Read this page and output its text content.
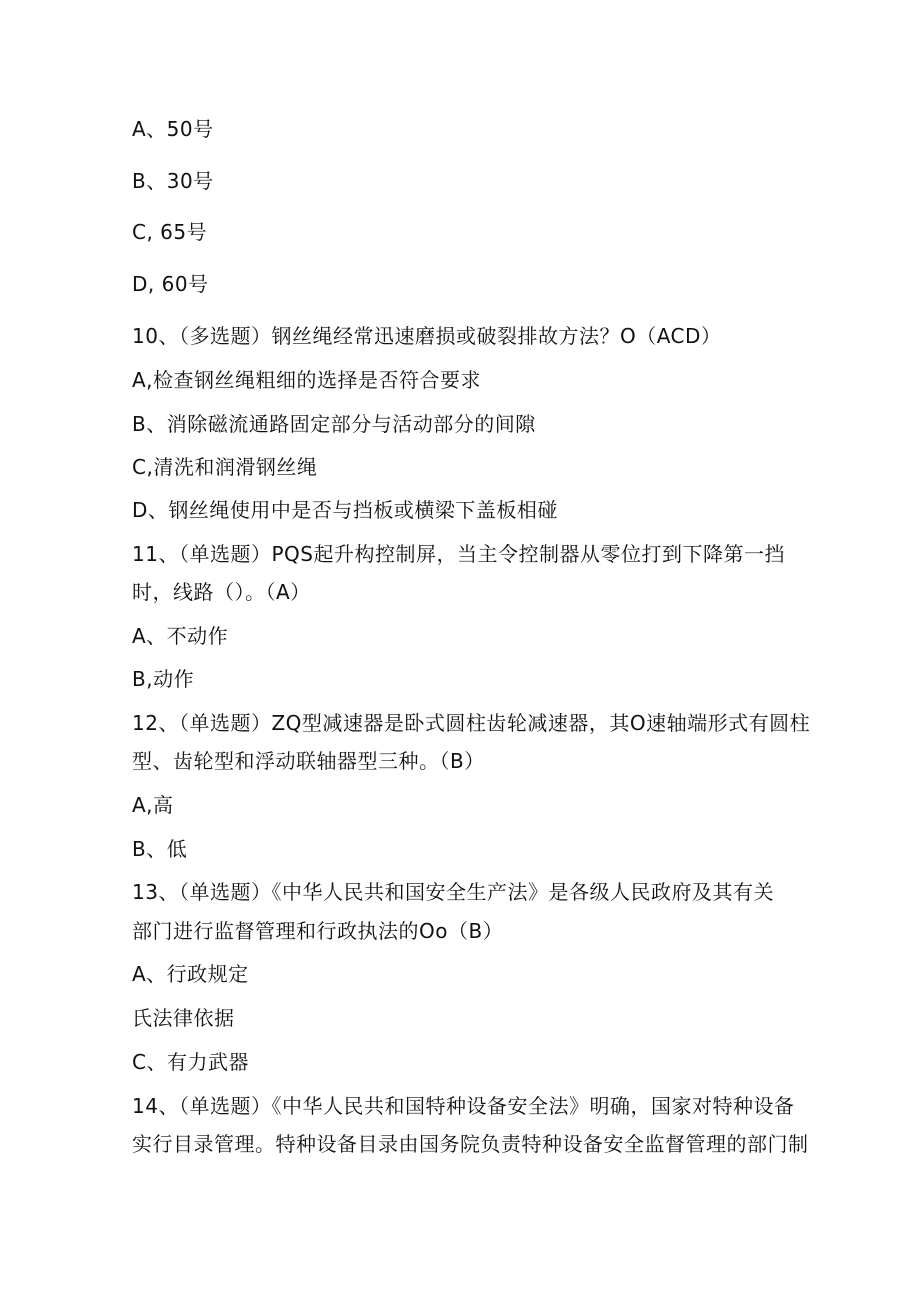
A、50号
B、30号
C, 65号
D, 60号
10、（多选题）钢丝绳经常迅速磨损或破裂排故方法？O（ACD）
A,检查钢丝绳粗细的选择是否符合要求
B、消除磁流通路固定部分与活动部分的间隙
C,清洗和润滑钢丝绳
D、钢丝绳使用中是否与挡板或横梁下盖板相碰
11、（单选题）PQS起升构控制屏，当主令控制器从零位打到下降第一挡
时，线路（）。（A）
A、不动作
B,动作
12、（单选题）ZQ型减速器是卧式圆柱齿轮减速器，其O速轴端形式有圆柱
型、齿轮型和浮动联轴器型三种。（B）
A,高
B、低
13、（单选题）《中华人民共和国安全生产法》是各级人民政府及其有关
部门进行监督管理和行政执法的Oo（B）
A、行政规定
氏法律依据
C、有力武器
14、（单选题）《中华人民共和国特种设备安全法》明确，国家对特种设备
实行目录管理。特种设备目录由国务院负责特种设备安全监督管理的部门制
